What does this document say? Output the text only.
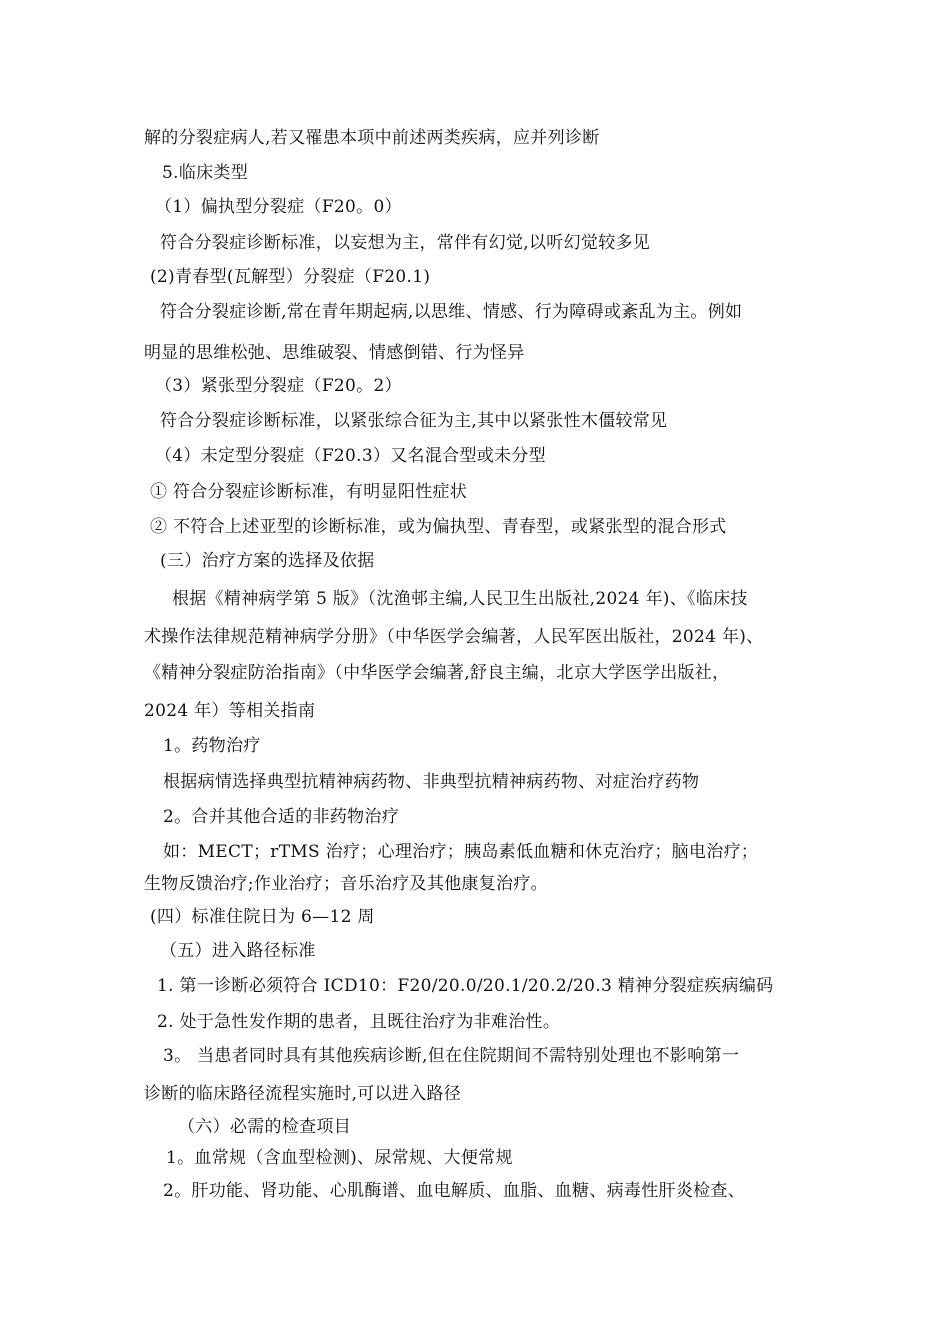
解的分裂症病人,若又罹患本项中前述两类疾病，应并列诊断
5.临床类型
（1）偏执型分裂症（F20。0）
符合分裂症诊断标准，以妄想为主，常伴有幻觉,以听幻觉较多见
(2)青春型(瓦解型）分裂症（F20.1)
符合分裂症诊断,常在青年期起病,以思维、情感、行为障碍或紊乱为主。例如
明显的思维松弛、思维破裂、情感倒错、行为怪异
（3）紧张型分裂症（F20。2）
符合分裂症诊断标准，以紧张综合征为主,其中以紧张性木僵较常见
（4）未定型分裂症（F20.3）又名混合型或未分型
① 符合分裂症诊断标准，有明显阳性症状
② 不符合上述亚型的诊断标准，或为偏执型、青春型，或紧张型的混合形式
(三）治疗方案的选择及依据
根据《精神病学第 5 版》（沈渔邨主编,人民卫生出版社,2024 年)、《临床技
术操作法律规范精神病学分册》（中华医学会编著，人民军医出版社，2024 年)、
《精神分裂症防治指南》（中华医学会编著,舒良主编，北京大学医学出版社，
2024 年）等相关指南
1。药物治疗
根据病情选择典型抗精神病药物、非典型抗精神病药物、对症治疗药物
2。合并其他合适的非药物治疗
如：MECT；rTMS 治疗；心理治疗；胰岛素低血糖和休克治疗；脑电治疗；
生物反馈治疗;作业治疗；音乐治疗及其他康复治疗。
(四）标准住院日为 6—12 周
（五）进入路径标准
1. 第一诊断必须符合 ICD10：F20/20.0/20.1/20.2/20.3 精神分裂症疾病编码
2. 处于急性发作期的患者，且既往治疗为非难治性。
3。 当患者同时具有其他疾病诊断,但在住院期间不需特别处理也不影响第一
诊断的临床路径流程实施时,可以进入路径
（六）必需的检查项目
1。血常规（含血型检测)、尿常规、大便常规
2。肝功能、肾功能、心肌酶谱、血电解质、血脂、血糖、病毒性肝炎检查、
